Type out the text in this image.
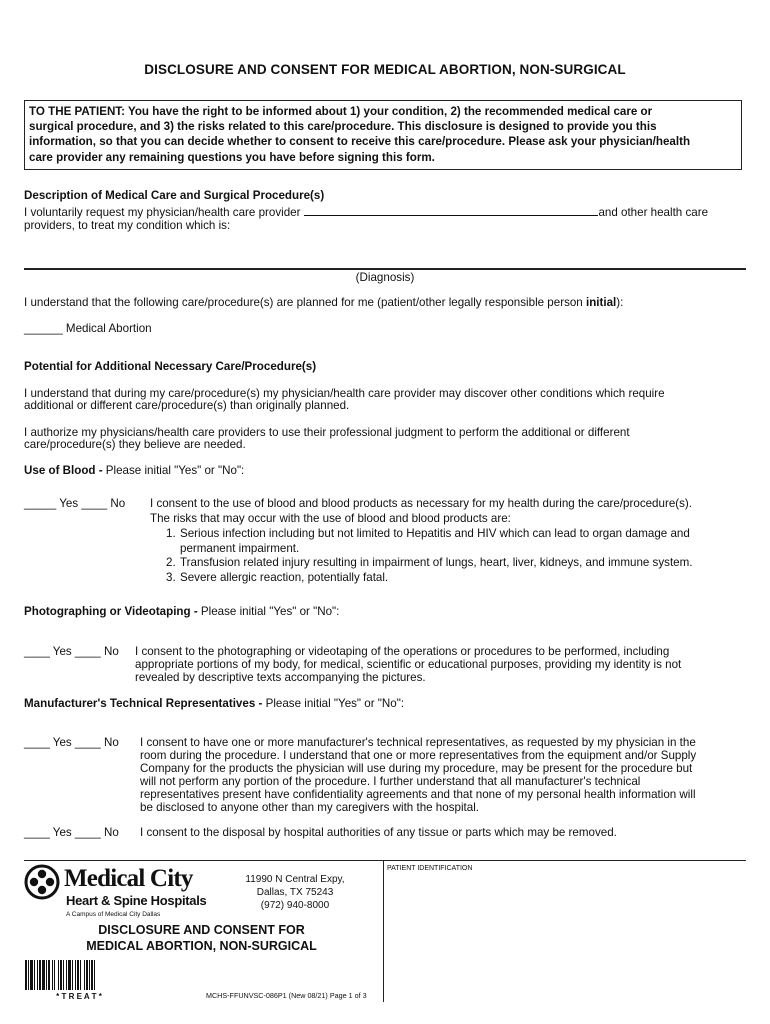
DISCLOSURE AND CONSENT FOR MEDICAL ABORTION, NON-SURGICAL
TO THE PATIENT: You have the right to be informed about 1) your condition, 2) the recommended medical care or
surgical procedure, and 3) the risks related to this care/procedure. This disclosure is designed to provide you this
information, so that you can decide whether to consent to receive this care/procedure. Please ask your physician/health
care provider any remaining questions you have before signing this form.
Description of Medical Care and Surgical Procedure(s)
I voluntarily request my physician/health care provider	and other health care
providers, to treat my condition which is:
(Diagnosis)
I understand that the following care/procedure(s) are planned for me (patient/other legally responsible person initial):
______ Medical Abortion
Potential for Additional Necessary Care/Procedure(s)
I understand that during my care/procedure(s) my physician/health care provider may discover other conditions which require
additional or different care/procedure(s) than originally planned.
I authorize my physicians/health care providers to use their professional judgment to perform the additional or different
care/procedure(s) they believe are needed.
Use of Blood - Please initial "Yes" or "No":
_____ Yes ____ No I consent to the use of blood and blood products as necessary for my health during the care/procedure(s).
The risks that may occur with the use of blood and blood products are:
1. Serious infection including but not limited to Hepatitis and HIV which can lead to organ damage and
permanent impairment.
2. Transfusion related injury resulting in impairment of lungs, heart, liver, kidneys, and immune system.
3. Severe allergic reaction, potentially fatal.
Photographing or Videotaping - Please initial "Yes" or "No":
____ Yes ____ No I consent to the photographing or videotaping of the operations or procedures to be performed, including
appropriate portions of my body, for medical, scientific or educational purposes, providing my identity is not
revealed by descriptive texts accompanying the pictures.
Manufacturer's Technical Representatives - Please initial "Yes" or "No":
____ Yes ____ No I consent to have one or more manufacturer's technical representatives, as requested by my physician in the
room during the procedure. I understand that one or more representatives from the equipment and/or Supply
Company for the products the physician will use during my procedure, may be present for the procedure but
will not perform any portion of the procedure. I further understand that all manufacturer's technical
representatives present have confidentiality agreements and that none of my personal health information will
be disclosed to anyone other than my caregivers with the hospital.
____ Yes ____ No I consent to the disposal by hospital authorities of any tissue or parts which may be removed.
PATIENT IDENTIFICATION
Medical City
Heart & Spine Hospitals
A Campus of Medical City Dallas
11990 N Central Expy,
Dallas, TX 75243
(972) 940-8000
DISCLOSURE AND CONSENT FOR
MEDICAL ABORTION, NON-SURGICAL
* T R E A T *	MCHS-FFUNVSC-086P1 (New 08/21) Page 1 of 3
